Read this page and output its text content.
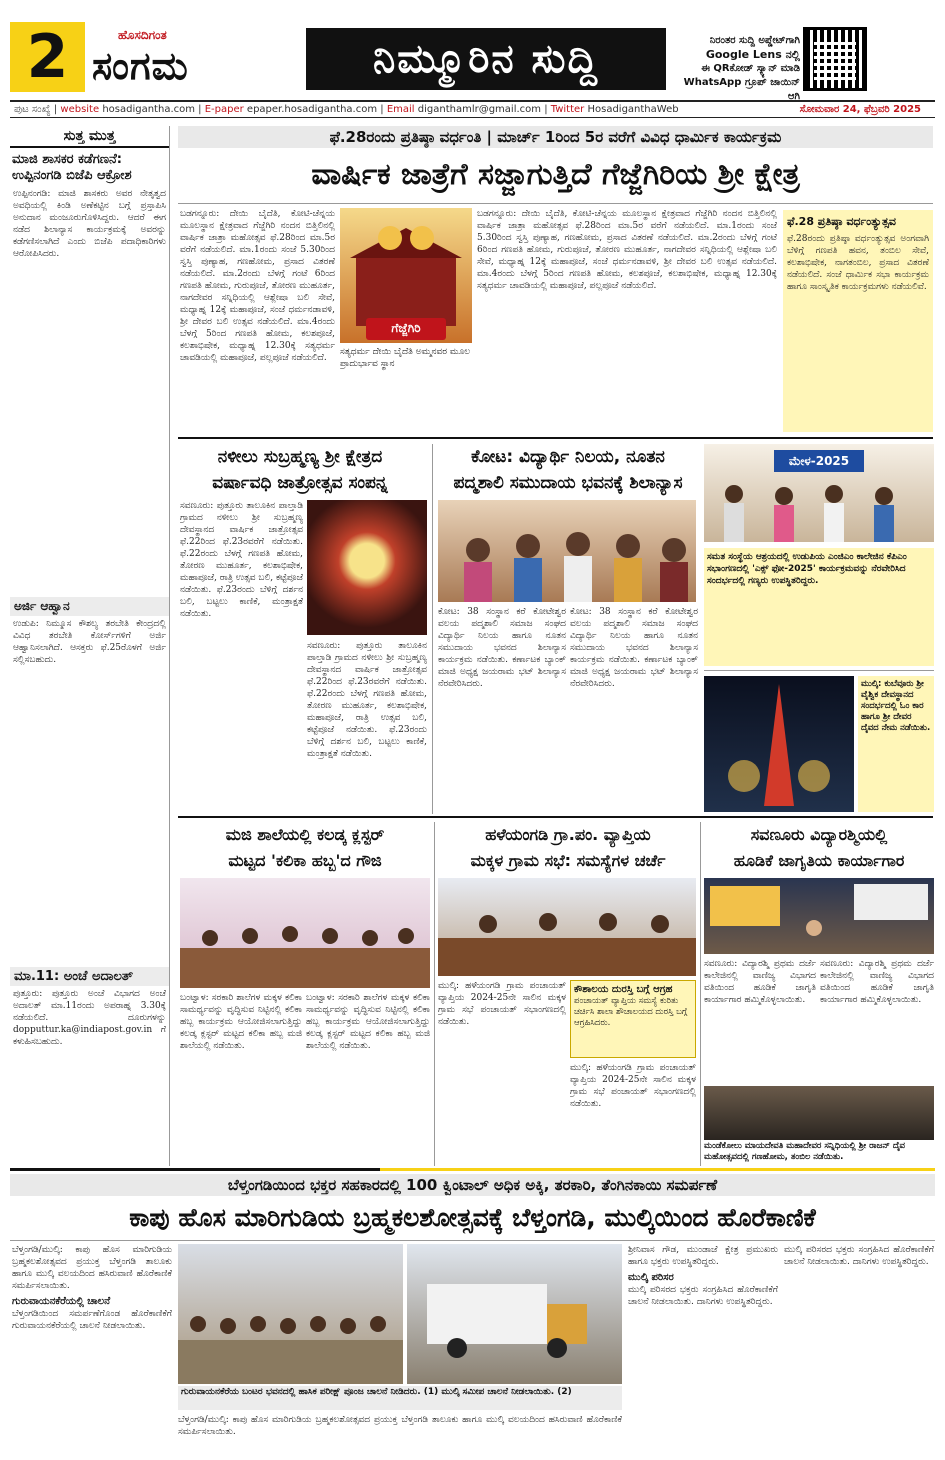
2	ಹೊಸದಿಗಂತ
ಸಂಗಮ	ನಿಮ್ಮೂರಿನ ಸುದ್ದಿ	ನಿರಂತರ ಸುದ್ದಿ ಅಪ್ಡೇಟ್‌ಗಾಗಿ
Google Lens ನಲ್ಲಿ
ಈ QRಕೋಡ್ ಸ್ಕ್ಯಾನ್ ಮಾಡಿ
WhatsApp ಗ್ರೂಪ್ ಜಾಯಿನ್ ಆಗಿ
ಪುಟ ಸಂಖ್ಯೆ | website hosadigantha.com | E-paper epaper.hosadigantha.com | Email diganthamlr@gmail.com | Twitter HosadiganthaWeb	ಸೋಮವಾರ 24, ಫೆಬ್ರವರಿ 2025
ಸುತ್ತ ಮುತ್ತ
ಮಾಜಿ ಶಾಸಕರ ಕಡೆಗಣನೆ: ಉಪ್ಪಿನಂಗಡಿ ಬಿಜೆಪಿ ಆಕ್ರೋಶ
ಉಪ್ಪಿನಂಗಡಿ: ಮಾಜಿ ಶಾಸಕರು ಅವರ ನೇತೃತ್ವದ ಅವಧಿಯಲ್ಲಿ ಕಿಂಡಿ ಅಣೆಕಟ್ಟಿನ ಬಗ್ಗೆ ಪ್ರಸ್ತಾಪಿಸಿ ಅನುದಾನ ಮಂಜೂರುಗೊಳಿಸಿದ್ದರು. ಆದರೆ ಈಗ ನಡೆದ ಶಿಲಾನ್ಯಾಸ ಕಾರ್ಯಕ್ರಮಕ್ಕೆ ಅವರನ್ನು ಕಡೆಗಣಿಸಲಾಗಿದೆ ಎಂದು ಬಿಜೆಪಿ ಪದಾಧಿಕಾರಿಗಳು ಆರೋಪಿಸಿದರು.
ಅರ್ಜಿ ಆಹ್ವಾನ
ಉಡುಪಿ: ನಿಮ್ಮೂಸ ಕೌಶಲ್ಯ ತರಬೇತಿ ಕೇಂದ್ರದಲ್ಲಿ ವಿವಿಧ ತರಬೇತಿ ಕೋರ್ಸ್‌ಗಳಿಗೆ ಅರ್ಜಿ ಆಹ್ವಾನಿಸಲಾಗಿದೆ. ಆಸಕ್ತರು ಫೆ.25ರೊಳಗೆ ಅರ್ಜಿ ಸಲ್ಲಿಸಬಹುದು.
ಮಾ.11: ಅಂಚೆ ಅದಾಲತ್
ಪುತ್ತೂರು: ಪುತ್ತೂರು ಅಂಚೆ ವಿಭಾಗದ ಅಂಚೆ ಅದಾಲತ್ ಮಾ.11ರಂದು ಅಪರಾಹ್ನ 3.30ಕ್ಕೆ ನಡೆಯಲಿದೆ. ದೂರುಗಳನ್ನು dopputtur.ka@indiapost.gov.in ಗೆ ಕಳುಹಿಸಬಹುದು.
ಫೆ.28ರಂದು ಪ್ರತಿಷ್ಠಾ ವರ್ಧಂತಿ | ಮಾರ್ಚ್ 1ರಿಂದ 5ರ ವರೆಗೆ ವಿವಿಧ ಧಾರ್ಮಿಕ ಕಾರ್ಯಕ್ರಮ
ವಾರ್ಷಿಕ ಜಾತ್ರೆಗೆ ಸಜ್ಜಾಗುತ್ತಿದೆ ಗೆಜ್ಜೆಗಿರಿಯ ಶ್ರೀ ಕ್ಷೇತ್ರ
ಬಡಗನ್ನೂರು: ದೇಯಿ ಬೈದೆತಿ, ಕೋಟಿ-ಚೆನ್ನಯ ಮೂಲಸ್ಥಾನ ಕ್ಷೇತ್ರವಾದ ಗೆಜ್ಜೆಗಿರಿ ನಂದನ ಬಿತ್ತಿಲಿನಲ್ಲಿ ವಾರ್ಷಿಕ ಜಾತ್ರಾ ಮಹೋತ್ಸವ ಫೆ.28ರಿಂದ ಮಾ.5ರ ವರೆಗೆ ನಡೆಯಲಿದೆ. ಮಾ.1ರಂದು ಸಂಜೆ 5.30ರಿಂದ ಸ್ವಸ್ತಿ ಪುಣ್ಯಾಹ, ಗಣಹೋಮ, ಪ್ರಸಾದ ವಿತರಣೆ ನಡೆಯಲಿದೆ. ಮಾ.2ರಂದು ಬೆಳಗ್ಗೆ ಗಂಟೆ 6ರಿಂದ ಗಣಪತಿ ಹೋಮ, ಗುರುಪೂಜೆ, ತೋರಣ ಮುಹೂರ್ತ, ನಾಗದೇವರ ಸನ್ನಿಧಿಯಲ್ಲಿ ಆಶ್ಲೇಷಾ ಬಲಿ ಸೇವೆ, ಮಧ್ಯಾಹ್ನ 12ಕ್ಕೆ ಮಹಾಪೂಜೆ, ಸಂಜೆ ಧರ್ಮನಡಾವಳಿ, ಶ್ರೀ ದೇವರ ಬಲಿ ಉತ್ಸವ ನಡೆಯಲಿದೆ. ಮಾ.4ರಂದು ಬೆಳಗ್ಗೆ 5ರಿಂದ ಗಣಪತಿ ಹೋಮ, ಕಲಶಪೂಜೆ, ಕಲಶಾಭಿಷೇಕ, ಮಧ್ಯಾಹ್ನ 12.30ಕ್ಕೆ ಸತ್ಯಧರ್ಮ ಚಾವಡಿಯಲ್ಲಿ ಮಹಾಪೂಜೆ, ಪಲ್ಲಪೂಜೆ ನಡೆಯಲಿದೆ.
ಗೆಜ್ಜೆಗಿರಿ
ಸತ್ಯಧರ್ಮ ದೇಯಿ ಬೈದೆತಿ ಅಮ್ಮನವರ ಮೂಲ ಪ್ರಾದುರ್ಭಾವ ಸ್ಥಾನ
ಬಡಗನ್ನೂರು: ದೇಯಿ ಬೈದೆತಿ, ಕೋಟಿ-ಚೆನ್ನಯ ಮೂಲಸ್ಥಾನ ಕ್ಷೇತ್ರವಾದ ಗೆಜ್ಜೆಗಿರಿ ನಂದನ ಬಿತ್ತಿಲಿನಲ್ಲಿ ವಾರ್ಷಿಕ ಜಾತ್ರಾ ಮಹೋತ್ಸವ ಫೆ.28ರಿಂದ ಮಾ.5ರ ವರೆಗೆ ನಡೆಯಲಿದೆ. ಮಾ.1ರಂದು ಸಂಜೆ 5.30ರಿಂದ ಸ್ವಸ್ತಿ ಪುಣ್ಯಾಹ, ಗಣಹೋಮ, ಪ್ರಸಾದ ವಿತರಣೆ ನಡೆಯಲಿದೆ. ಮಾ.2ರಂದು ಬೆಳಗ್ಗೆ ಗಂಟೆ 6ರಿಂದ ಗಣಪತಿ ಹೋಮ, ಗುರುಪೂಜೆ, ತೋರಣ ಮುಹೂರ್ತ, ನಾಗದೇವರ ಸನ್ನಿಧಿಯಲ್ಲಿ ಆಶ್ಲೇಷಾ ಬಲಿ ಸೇವೆ, ಮಧ್ಯಾಹ್ನ 12ಕ್ಕೆ ಮಹಾಪೂಜೆ, ಸಂಜೆ ಧರ್ಮನಡಾವಳಿ, ಶ್ರೀ ದೇವರ ಬಲಿ ಉತ್ಸವ ನಡೆಯಲಿದೆ. ಮಾ.4ರಂದು ಬೆಳಗ್ಗೆ 5ರಿಂದ ಗಣಪತಿ ಹೋಮ, ಕಲಶಪೂಜೆ, ಕಲಶಾಭಿಷೇಕ, ಮಧ್ಯಾಹ್ನ 12.30ಕ್ಕೆ ಸತ್ಯಧರ್ಮ ಚಾವಡಿಯಲ್ಲಿ ಮಹಾಪೂಜೆ, ಪಲ್ಲಪೂಜೆ ನಡೆಯಲಿದೆ.
ಫೆ.28 ಪ್ರತಿಷ್ಠಾ ವರ್ಧಂತ್ಯುತ್ಸವ
ಫೆ.28ರಂದು ಪ್ರತಿಷ್ಠಾ ವರ್ಧಂತ್ಯುತ್ಸವ ಅಂಗವಾಗಿ ಬೆಳಿಗ್ಗೆ ಗಣಪತಿ ಹವನ, ತಂಬಿಲ ಸೇವೆ, ಕಲಶಾಭಿಷೇಕ, ನಾಗತಂಬಿಲ, ಪ್ರಸಾದ ವಿತರಣೆ ನಡೆಯಲಿದೆ. ಸಂಜೆ ಧಾರ್ಮಿಕ ಸಭಾ ಕಾರ್ಯಕ್ರಮ ಹಾಗೂ ಸಾಂಸ್ಕೃತಿಕ ಕಾರ್ಯಕ್ರಮಗಳು ನಡೆಯಲಿವೆ.
ನಳೀಲು ಸುಬ್ರಹ್ಮಣ್ಯ ಶ್ರೀ ಕ್ಷೇತ್ರದ
ವರ್ಷಾವಧಿ ಜಾತ್ರೋತ್ಸವ ಸಂಪನ್ನ
ಸವಣೂರು: ಪುತ್ತೂರು ತಾಲೂಕಿನ ಪಾಲ್ತಾಡಿ ಗ್ರಾಮದ ನಳೀಲು ಶ್ರೀ ಸುಬ್ರಹ್ಮಣ್ಯ ದೇವಸ್ಥಾನದ ವಾರ್ಷಿಕ ಜಾತ್ರೋತ್ಸವ ಫೆ.22ರಿಂದ ಫೆ.23ರವರೆಗೆ ನಡೆಯಿತು. ಫೆ.22ರಂದು ಬೆಳಗ್ಗೆ ಗಣಪತಿ ಹೋಮ, ತೋರಣ ಮುಹೂರ್ತ, ಕಲಶಾಭಿಷೇಕ, ಮಹಾಪೂಜೆ, ರಾತ್ರಿ ಉತ್ಸವ ಬಲಿ, ಕಟ್ಟೆಪೂಜೆ ನಡೆಯಿತು. ಫೆ.23ರಂದು ಬೆಳಿಗ್ಗೆ ದರ್ಶನ ಬಲಿ, ಬಟ್ಟಲು ಕಾಣಿಕೆ, ಮಂತ್ರಾಕ್ಷತೆ ನಡೆಯಿತು.
ಸವಣೂರು: ಪುತ್ತೂರು ತಾಲೂಕಿನ ಪಾಲ್ತಾಡಿ ಗ್ರಾಮದ ನಳೀಲು ಶ್ರೀ ಸುಬ್ರಹ್ಮಣ್ಯ ದೇವಸ್ಥಾನದ ವಾರ್ಷಿಕ ಜಾತ್ರೋತ್ಸವ ಫೆ.22ರಿಂದ ಫೆ.23ರವರೆಗೆ ನಡೆಯಿತು. ಫೆ.22ರಂದು ಬೆಳಗ್ಗೆ ಗಣಪತಿ ಹೋಮ, ತೋರಣ ಮುಹೂರ್ತ, ಕಲಶಾಭಿಷೇಕ, ಮಹಾಪೂಜೆ, ರಾತ್ರಿ ಉತ್ಸವ ಬಲಿ, ಕಟ್ಟೆಪೂಜೆ ನಡೆಯಿತು. ಫೆ.23ರಂದು ಬೆಳಿಗ್ಗೆ ದರ್ಶನ ಬಲಿ, ಬಟ್ಟಲು ಕಾಣಿಕೆ, ಮಂತ್ರಾಕ್ಷತೆ ನಡೆಯಿತು.
ಕೋಟ: ವಿದ್ಯಾರ್ಥಿ ನಿಲಯ, ನೂತನ
ಪದ್ಮಶಾಲಿ ಸಮುದಾಯ ಭವನಕ್ಕೆ ಶಿಲಾನ್ಯಾಸ
ಕೋಟ: 38 ಸಂಸ್ಥಾನ ಕರೆ ಕೋಟೇಶ್ವರ ವಲಯ ಪದ್ಮಶಾಲಿ ಸಮಾಜ ಸಂಘದ ವಿದ್ಯಾರ್ಥಿ ನಿಲಯ ಹಾಗೂ ನೂತನ ಸಮುದಾಯ ಭವನದ ಶಿಲಾನ್ಯಾಸ ಕಾರ್ಯಕ್ರಮ ನಡೆಯಿತು. ಕರ್ಣಾಟಕ ಬ್ಯಾಂಕ್ ಮಾಜಿ ಅಧ್ಯಕ್ಷ ಜಯರಾಮ ಭಟ್ ಶಿಲಾನ್ಯಾಸ ನೆರವೇರಿಸಿದರು.
ಕೋಟ: 38 ಸಂಸ್ಥಾನ ಕರೆ ಕೋಟೇಶ್ವರ ವಲಯ ಪದ್ಮಶಾಲಿ ಸಮಾಜ ಸಂಘದ ವಿದ್ಯಾರ್ಥಿ ನಿಲಯ ಹಾಗೂ ನೂತನ ಸಮುದಾಯ ಭವನದ ಶಿಲಾನ್ಯಾಸ ಕಾರ್ಯಕ್ರಮ ನಡೆಯಿತು. ಕರ್ಣಾಟಕ ಬ್ಯಾಂಕ್ ಮಾಜಿ ಅಧ್ಯಕ್ಷ ಜಯರಾಮ ಭಟ್ ಶಿಲಾನ್ಯಾಸ ನೆರವೇರಿಸಿದರು.
ಮೇಳ-2025
ಸಮತ ಸಂಸ್ಥೆಯ ಆಶ್ರಯದಲ್ಲಿ ಉಡುಪಿಯ ಎಂಜಿಎಂ ಕಾಲೇಜಿನ ಕೆಪಿಎಂ ಸಭಾಂಗಣದಲ್ಲಿ 'ಎಕ್ಸ್ ಫೋ-2025' ಕಾರ್ಯಕ್ರಮವನ್ನು ನೆರವೇರಿಸಿದ ಸಂದರ್ಭದಲ್ಲಿ ಗಣ್ಯರು ಉಪಸ್ಥಿತರಿದ್ದರು.
ಮುಲ್ಕಿ: ಕುಬೆವೂರು ಶ್ರೀ ವೈಶ್ವಿಕ ದೇವಸ್ಥಾನದ ಸಂದರ್ಭದಲ್ಲಿ ಓಂ ಕಾರ ಹಾಗೂ ಶ್ರೀ ದೇವರ ದೈವದ ನೇಮ ನಡೆಯಿತು.
ಮಜಿ ಶಾಲೆಯಲ್ಲಿ ಕಲಡ್ಕ ಕ್ಲಸ್ಟರ್
ಮಟ್ಟದ 'ಕಲಿಕಾ ಹಬ್ಬ'ದ ಗೌಜಿ
ಬಂಟ್ವಾಳ: ಸರಕಾರಿ ಶಾಲೆಗಳ ಮಕ್ಕಳ ಕಲಿಕಾ ಸಾಮರ್ಥ್ಯವನ್ನು ವೃದ್ಧಿಸುವ ನಿಟ್ಟಿನಲ್ಲಿ ಕಲಿಕಾ ಹಬ್ಬ ಕಾರ್ಯಕ್ರಮ ಆಯೋಜಿಸಲಾಗುತ್ತಿದ್ದು ಕಲಡ್ಕ ಕ್ಲಸ್ಟರ್ ಮಟ್ಟದ ಕಲಿಕಾ ಹಬ್ಬ ಮಜಿ ಶಾಲೆಯಲ್ಲಿ ನಡೆಯಿತು.
ಬಂಟ್ವಾಳ: ಸರಕಾರಿ ಶಾಲೆಗಳ ಮಕ್ಕಳ ಕಲಿಕಾ ಸಾಮರ್ಥ್ಯವನ್ನು ವೃದ್ಧಿಸುವ ನಿಟ್ಟಿನಲ್ಲಿ ಕಲಿಕಾ ಹಬ್ಬ ಕಾರ್ಯಕ್ರಮ ಆಯೋಜಿಸಲಾಗುತ್ತಿದ್ದು ಕಲಡ್ಕ ಕ್ಲಸ್ಟರ್ ಮಟ್ಟದ ಕಲಿಕಾ ಹಬ್ಬ ಮಜಿ ಶಾಲೆಯಲ್ಲಿ ನಡೆಯಿತು.
ಹಳೆಯಂಗಡಿ ಗ್ರಾ.ಪಂ. ವ್ಯಾಪ್ತಿಯ
ಮಕ್ಕಳ ಗ್ರಾಮ ಸಭೆ: ಸಮಸ್ಯೆಗಳ ಚರ್ಚೆ
ಮುಲ್ಕಿ: ಹಳೆಯಂಗಡಿ ಗ್ರಾಮ ಪಂಚಾಯತ್ ವ್ಯಾಪ್ತಿಯ 2024-25ನೇ ಸಾಲಿನ ಮಕ್ಕಳ ಗ್ರಾಮ ಸಭೆ ಪಂಚಾಯತ್ ಸಭಾಂಗಣದಲ್ಲಿ ನಡೆಯಿತು.
ಕೌಶಾಲಯ ದುರಸ್ತಿ ಬಗ್ಗೆ ಆಗ್ರಹ
ಪಂಚಾಯತ್ ವ್ಯಾಪ್ತಿಯ ಸಮಸ್ಯೆ ಕುರಿತು ಚರ್ಚಿಸಿ ಶಾಲಾ ಶೌಚಾಲಯದ ದುರಸ್ತಿ ಬಗ್ಗೆ ಆಗ್ರಹಿಸಿದರು.
ಮುಲ್ಕಿ: ಹಳೆಯಂಗಡಿ ಗ್ರಾಮ ಪಂಚಾಯತ್ ವ್ಯಾಪ್ತಿಯ 2024-25ನೇ ಸಾಲಿನ ಮಕ್ಕಳ ಗ್ರಾಮ ಸಭೆ ಪಂಚಾಯತ್ ಸಭಾಂಗಣದಲ್ಲಿ ನಡೆಯಿತು.
ಸವಣೂರು ವಿದ್ಯಾರಶ್ಮಿಯಲ್ಲಿ
ಹೂಡಿಕೆ ಜಾಗೃತಿಯ ಕಾರ್ಯಾಗಾರ
ಸವಣೂರು: ವಿದ್ಯಾರಶ್ಮಿ ಪ್ರಥಮ ದರ್ಜೆ ಕಾಲೇಜಿನಲ್ಲಿ ವಾಣಿಜ್ಯ ವಿಭಾಗದ ವತಿಯಿಂದ ಹೂಡಿಕೆ ಜಾಗೃತಿ ಕಾರ್ಯಾಗಾರ ಹಮ್ಮಿಕೊಳ್ಳಲಾಯಿತು.
ಸವಣೂರು: ವಿದ್ಯಾರಶ್ಮಿ ಪ್ರಥಮ ದರ್ಜೆ ಕಾಲೇಜಿನಲ್ಲಿ ವಾಣಿಜ್ಯ ವಿಭಾಗದ ವತಿಯಿಂದ ಹೂಡಿಕೆ ಜಾಗೃತಿ ಕಾರ್ಯಾಗಾರ ಹಮ್ಮಿಕೊಳ್ಳಲಾಯಿತು.
ಮಂಡೆಕೋಲು ಮಾಯದೇವತಿ ಮಹಾದೇವರ ಸನ್ನಿಧಿಯಲ್ಲಿ ಶ್ರೀ ರಾಜನ್ ದೈವ ಮಹೋತ್ಸವದಲ್ಲಿ ಗಣಹೋಮ, ತಂಬಿಲ ನಡೆಯಿತು.
ಬೆಳ್ತಂಗಡಿಯಿಂದ ಭಕ್ತರ ಸಹಕಾರದಲ್ಲಿ 100 ಕ್ವಿಂಟಾಲ್ ಅಧಿಕ ಅಕ್ಕಿ, ತರಕಾರಿ, ತೆಂಗಿನಕಾಯಿ ಸಮರ್ಪಣೆ
ಕಾಪು ಹೊಸ ಮಾರಿಗುಡಿಯ ಬ್ರಹ್ಮಕಲಶೋತ್ಸವಕ್ಕೆ ಬೆಳ್ತಂಗಡಿ, ಮುಲ್ಕಿಯಿಂದ ಹೊರೆಕಾಣಿಕೆ
ಬೆಳ್ತಂಗಡಿ/ಮುಲ್ಕಿ: ಕಾಪು ಹೊಸ ಮಾರಿಗುಡಿಯ ಬ್ರಹ್ಮಕಲಶೋತ್ಸವದ ಪ್ರಯುಕ್ತ ಬೆಳ್ತಂಗಡಿ ತಾಲೂಕು ಹಾಗೂ ಮುಲ್ಕಿ ವಲಯದಿಂದ ಹಸಿರುವಾಣಿ ಹೊರೆಕಾಣಿಕೆ ಸಮರ್ಪಿಸಲಾಯಿತು.
ಗುರುವಾಯನಕೆರೆಯಲ್ಲಿ ಚಾಲನೆ
ಬೆಳ್ತಂಗಡಿಯಿಂದ ಸಮರ್ಪಣೆಗೊಂಡ ಹೊರೆಕಾಣಿಕೆಗೆ ಗುರುವಾಯನಕೆರೆಯಲ್ಲಿ ಚಾಲನೆ ನೀಡಲಾಯಿತು.
ಗುರುವಾಯನಕೆರೆಯ ಬಂಟರ ಭವನದಲ್ಲಿ ಹಾಸಿಕ ಪರೀಕ್ಷ್ ಪೂಂಜ ಚಾಲನೆ ನೀಡಿದರು. (1) ಮುಲ್ಕಿ ಸಮೀಪ ಚಾಲನೆ ನೀಡಲಾಯಿತು. (2)
ಬೆಳ್ತಂಗಡಿ/ಮುಲ್ಕಿ: ಕಾಪು ಹೊಸ ಮಾರಿಗುಡಿಯ ಬ್ರಹ್ಮಕಲಶೋತ್ಸವದ ಪ್ರಯುಕ್ತ ಬೆಳ್ತಂಗಡಿ ತಾಲೂಕು ಹಾಗೂ ಮುಲ್ಕಿ ವಲಯದಿಂದ ಹಸಿರುವಾಣಿ ಹೊರೆಕಾಣಿಕೆ ಸಮರ್ಪಿಸಲಾಯಿತು.
ಶ್ರೀನಿವಾಸ ಗೌಡ, ಮುಂಡಾಜೆ ಕ್ಷೇತ್ರ ಪ್ರಮುಖರು ಹಾಗೂ ಭಕ್ತರು ಉಪಸ್ಥಿತರಿದ್ದರು.
ಮುಲ್ಕಿ ಪರಿಸರ
ಮುಲ್ಕಿ ಪರಿಸರದ ಭಕ್ತರು ಸಂಗ್ರಹಿಸಿದ ಹೊರೆಕಾಣಿಕೆಗೆ ಚಾಲನೆ ನೀಡಲಾಯಿತು. ದಾನಿಗಳು ಉಪಸ್ಥಿತರಿದ್ದರು.
ಮುಲ್ಕಿ ಪರಿಸರದ ಭಕ್ತರು ಸಂಗ್ರಹಿಸಿದ ಹೊರೆಕಾಣಿಕೆಗೆ ಚಾಲನೆ ನೀಡಲಾಯಿತು. ದಾನಿಗಳು ಉಪಸ್ಥಿತರಿದ್ದರು.
